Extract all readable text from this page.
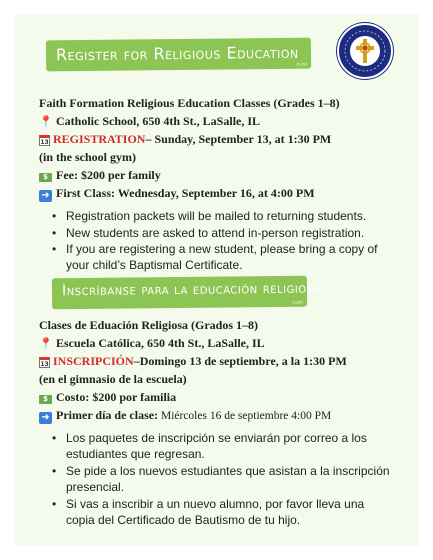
Register for Religious Education
OLPH
Faith Formation Religious Education Classes (Grades 1–8)
📍 Catholic School, 650 4th St., LaSalle, IL
13 REGISTRATION– Sunday, September 13, at 1:30 PM
(in the school gym)
$ Fee: $200 per family
➜ First Class: Wednesday, September 16, at 4:00 PM
• Registration packets will be mailed to returning students.
• New students are asked to attend in-person registration.
• If you are registering a new student, please bring a copy of
your child’s Baptismal Certificate.
Inscríbanse para la educación religiosa
OLPH
Clases de Eduación Religiosa (Grados 1–8)
📍 Escuela Católica, 650 4th St., LaSalle, IL
13 INSCRIPCIÓN–Domingo 13 de septiembre, a la 1:30 PM
(en el gimnasio de la escuela)
$ Costo: $200 por familia
➜ Primer día de clase: Miércoles 16 de septiembre 4:00 PM
• Los paquetes de inscripción se enviarán por correo a los
estudiantes que regresan.
• Se pide a los nuevos estudiantes que asistan a la inscripción
presencial.
• Si vas a inscribir a un nuevo alumno, por favor lleva una
copia del Certificado de Bautismo de tu hijo.
